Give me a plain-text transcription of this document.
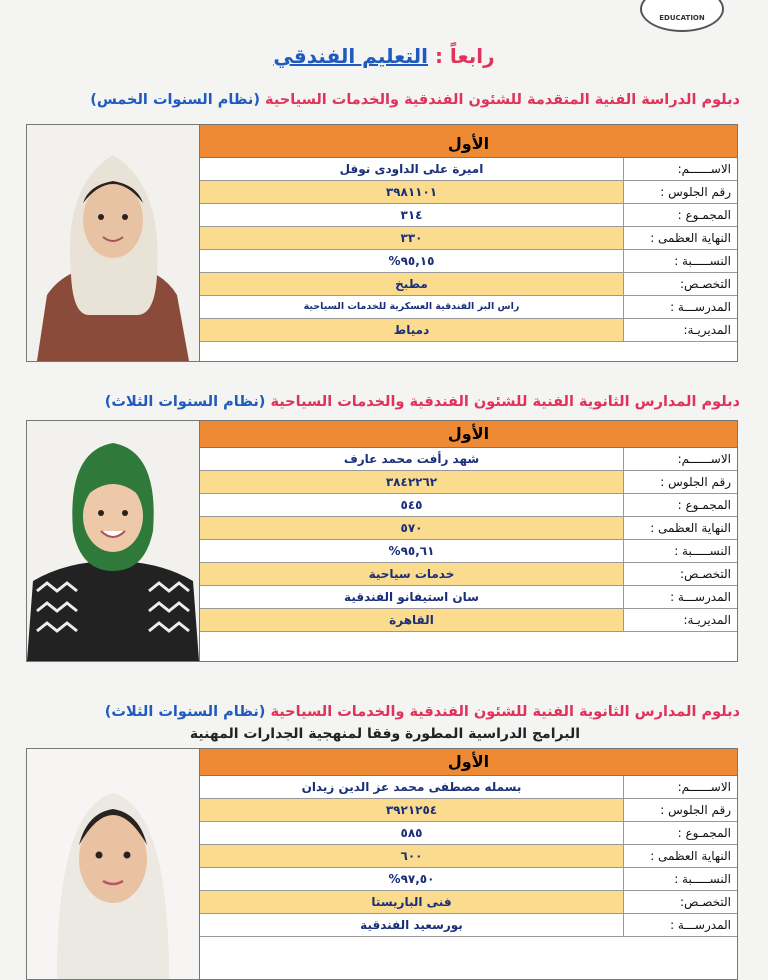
EDUCATION
رابعاً : التعليم الفندقي
دبلوم الدراسة الفنية المتقدمة للشئون الفندقية والخدمات السياحية (نظام السنوات الخمس)
الأول
الاســــــم:
اميرة على الداودى نوفل
رقم الجلوس :
٣٩٨١١٠١
المجمـوع :
٣١٤
النهاية العظمى :
٣٣٠
النســـــبة :
٩٥,١٥%
التخصـص:
مطبخ
المدرســـة :
راس البر الفندقية العسكرية للخدمات السياحية
المديريـة:
دمياط
دبلوم المدارس الثانوية الفنية للشئون الفندقية والخدمات السياحية (نظام السنوات الثلاث)
الأول
الاســــــم:
شهد رأفت محمد عارف
رقم الجلوس :
٣٨٤٢٢٦٢
المجمـوع :
٥٤٥
النهاية العظمى :
٥٧٠
النســـــبة :
٩٥,٦١%
التخصـص:
خدمات سياحية
المدرســـة :
سان استيفانو الفندقية
المديريـة:
القاهرة
دبلوم المدارس الثانوية الفنية للشئون الفندقية والخدمات السياحية (نظام السنوات الثلاث)
البرامج الدراسية المطورة وفقا لمنهجية الجدارات المهنية
الأول
الاســــــم:
بسمله مصطفى محمد عز الدين زيدان
رقم الجلوس :
٣٩٢١٢٥٤
المجمـوع :
٥٨٥
النهاية العظمى :
٦٠٠
النســـــبة :
٩٧,٥٠%
التخصـص:
فنى الباريستا
المدرســـة :
بورسعيد الفندقية
